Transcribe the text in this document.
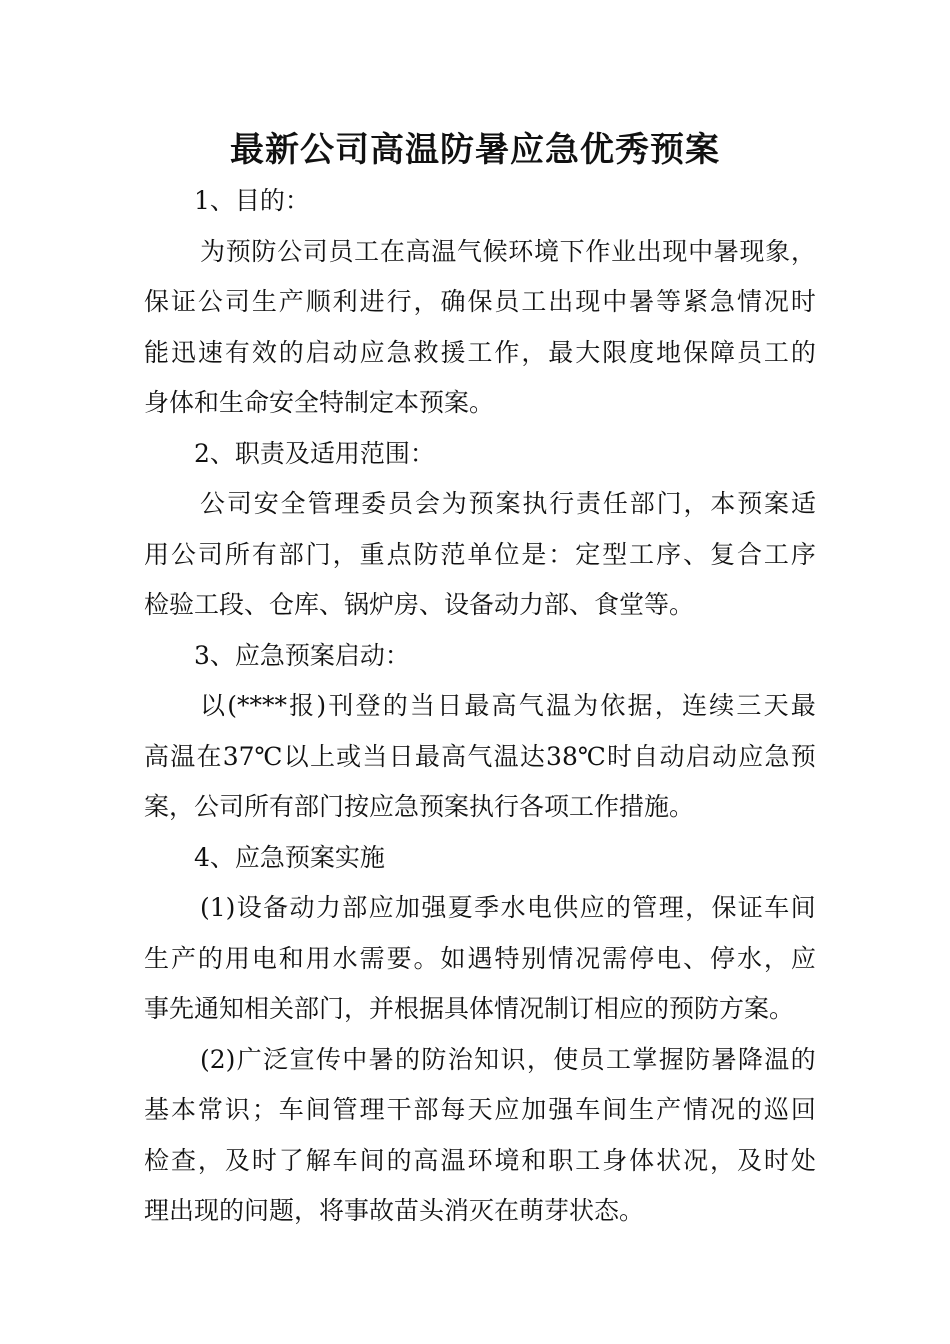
最新公司高温防暑应急优秀预案
1、目的：
为 预 防 公 司 员 工 在 高 温 气 候 环 境 下 作 业 出 现 中 暑 现 象 ，
保 证 公 司 生 产 顺 利 进 行 ， 确 保 员 工 出 现 中 暑 等 紧 急 情 况 时
能 迅 速 有 效 的 启 动 应 急 救 援 工 作 ， 最 大 限 度 地 保 障 员 工 的
身体和生命安全特制定本预案。
2、职责及适用范围：
公 司 安 全 管 理 委 员 会 为 预 案 执 行 责 任 部 门 ， 本 预 案 适
用 公 司 所 有 部 门 ， 重 点 防 范 单 位 是 ： 定 型 工 序 、 复 合 工 序
检验工段、仓库、锅炉房、设备动力部、食堂等。
3、应急预案启动：
以 (**** 报 ) 刊 登 的 当 日 最 高 气 温 为 依 据 ， 连 续 三 天 最
高 温 在 37℃ 以 上 或 当 日 最 高 气 温 达 38℃ 时 自 动 启 动 应 急 预
案，公司所有部门按应急预案执行各项工作措施。
4、应急预案实施
(1) 设 备 动 力 部 应 加 强 夏 季 水 电 供 应 的 管 理 ， 保 证 车 间
生 产 的 用 电 和 用 水 需 要 。 如 遇 特 别 情 况 需 停 电 、 停 水 ， 应
事先通知相关部门，并根据具体情况制订相应的预防方案。
(2) 广 泛 宣 传 中 暑 的 防 治 知 识 ， 使 员 工 掌 握 防 暑 降 温 的
基 本 常 识 ； 车 间 管 理 干 部 每 天 应 加 强 车 间 生 产 情 况 的 巡 回
检 查 ， 及 时 了 解 车 间 的 高 温 环 境 和 职 工 身 体 状 况 ， 及 时 处
理出现的问题，将事故苗头消灭在萌芽状态。
